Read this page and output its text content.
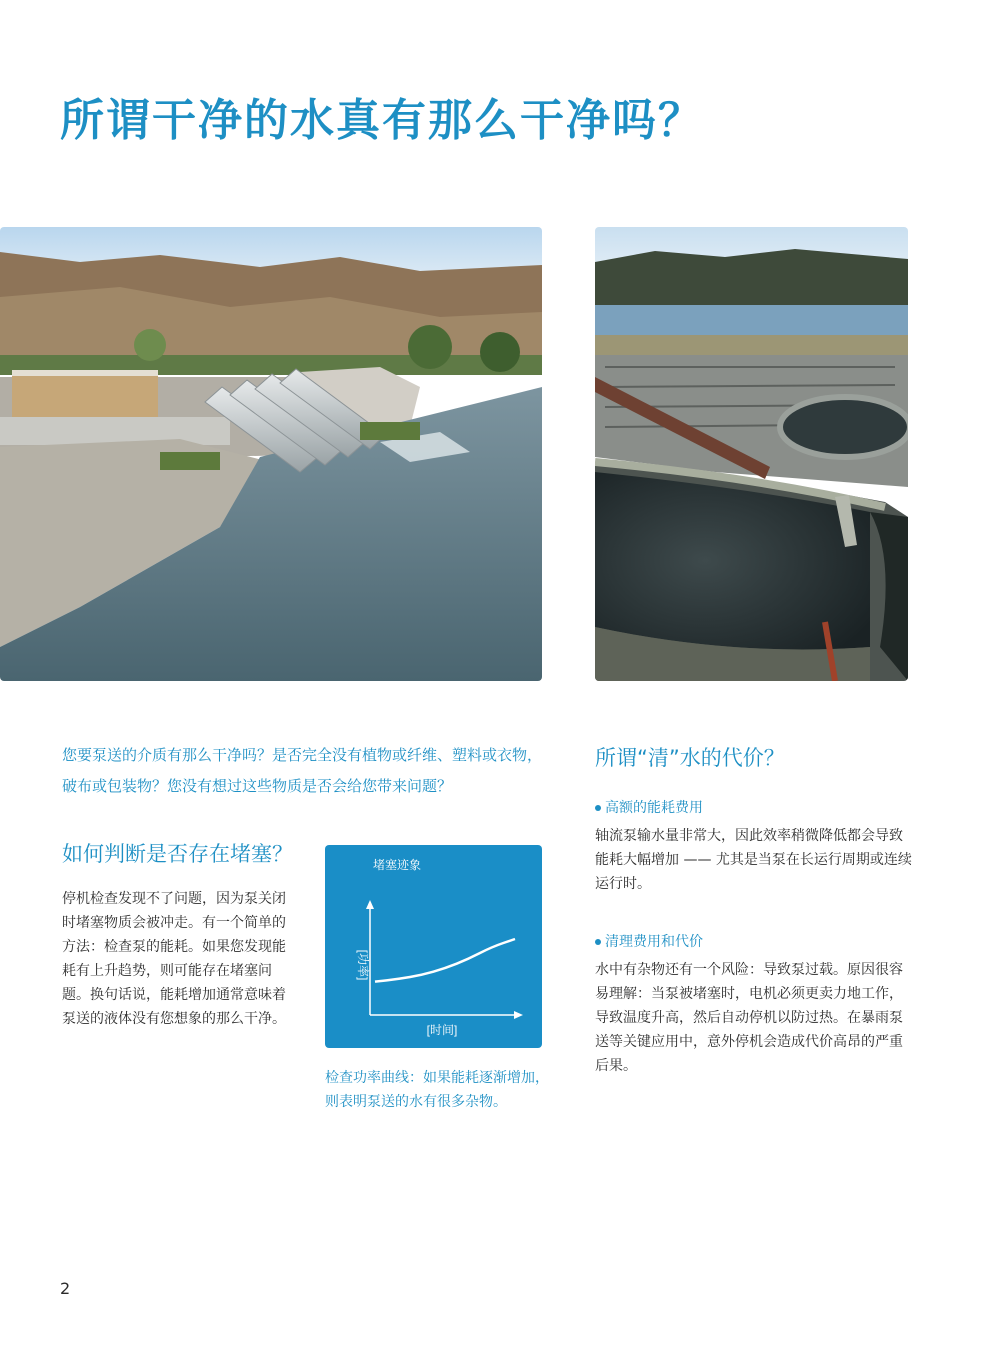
所谓干净的水真有那么干净吗？

您要泵送的介质有那么干净吗？是否完全没有植物或纤维、塑料或衣物，破布或包装物？您没有想过这些物质是否会给您带来问题？

如何判断是否存在堵塞？

停机检查发现不了问题，因为泵关闭时堵塞物质会被冲走。有一个简单的方法：检查泵的能耗。如果您发现能耗有上升趋势，则可能存在堵塞问题。换句话说，能耗增加通常意味着泵送的液体没有您想象的那么干净。

堵塞迹象
[功率]
[时间]

检查功率曲线：如果能耗逐渐增加，则表明泵送的水有很多杂物。

所谓“清”水的代价？

高额的能耗费用

轴流泵输水量非常大，因此效率稍微降低都会导致能耗大幅增加 —— 尤其是当泵在长运行周期或连续运行时。

清理费用和代价

水中有杂物还有一个风险：导致泵过载。原因很容易理解：当泵被堵塞时，电机必须更卖力地工作，导致温度升高，然后自动停机以防过热。在暴雨泵送等关键应用中，意外停机会造成代价高昂的严重后果。

2
